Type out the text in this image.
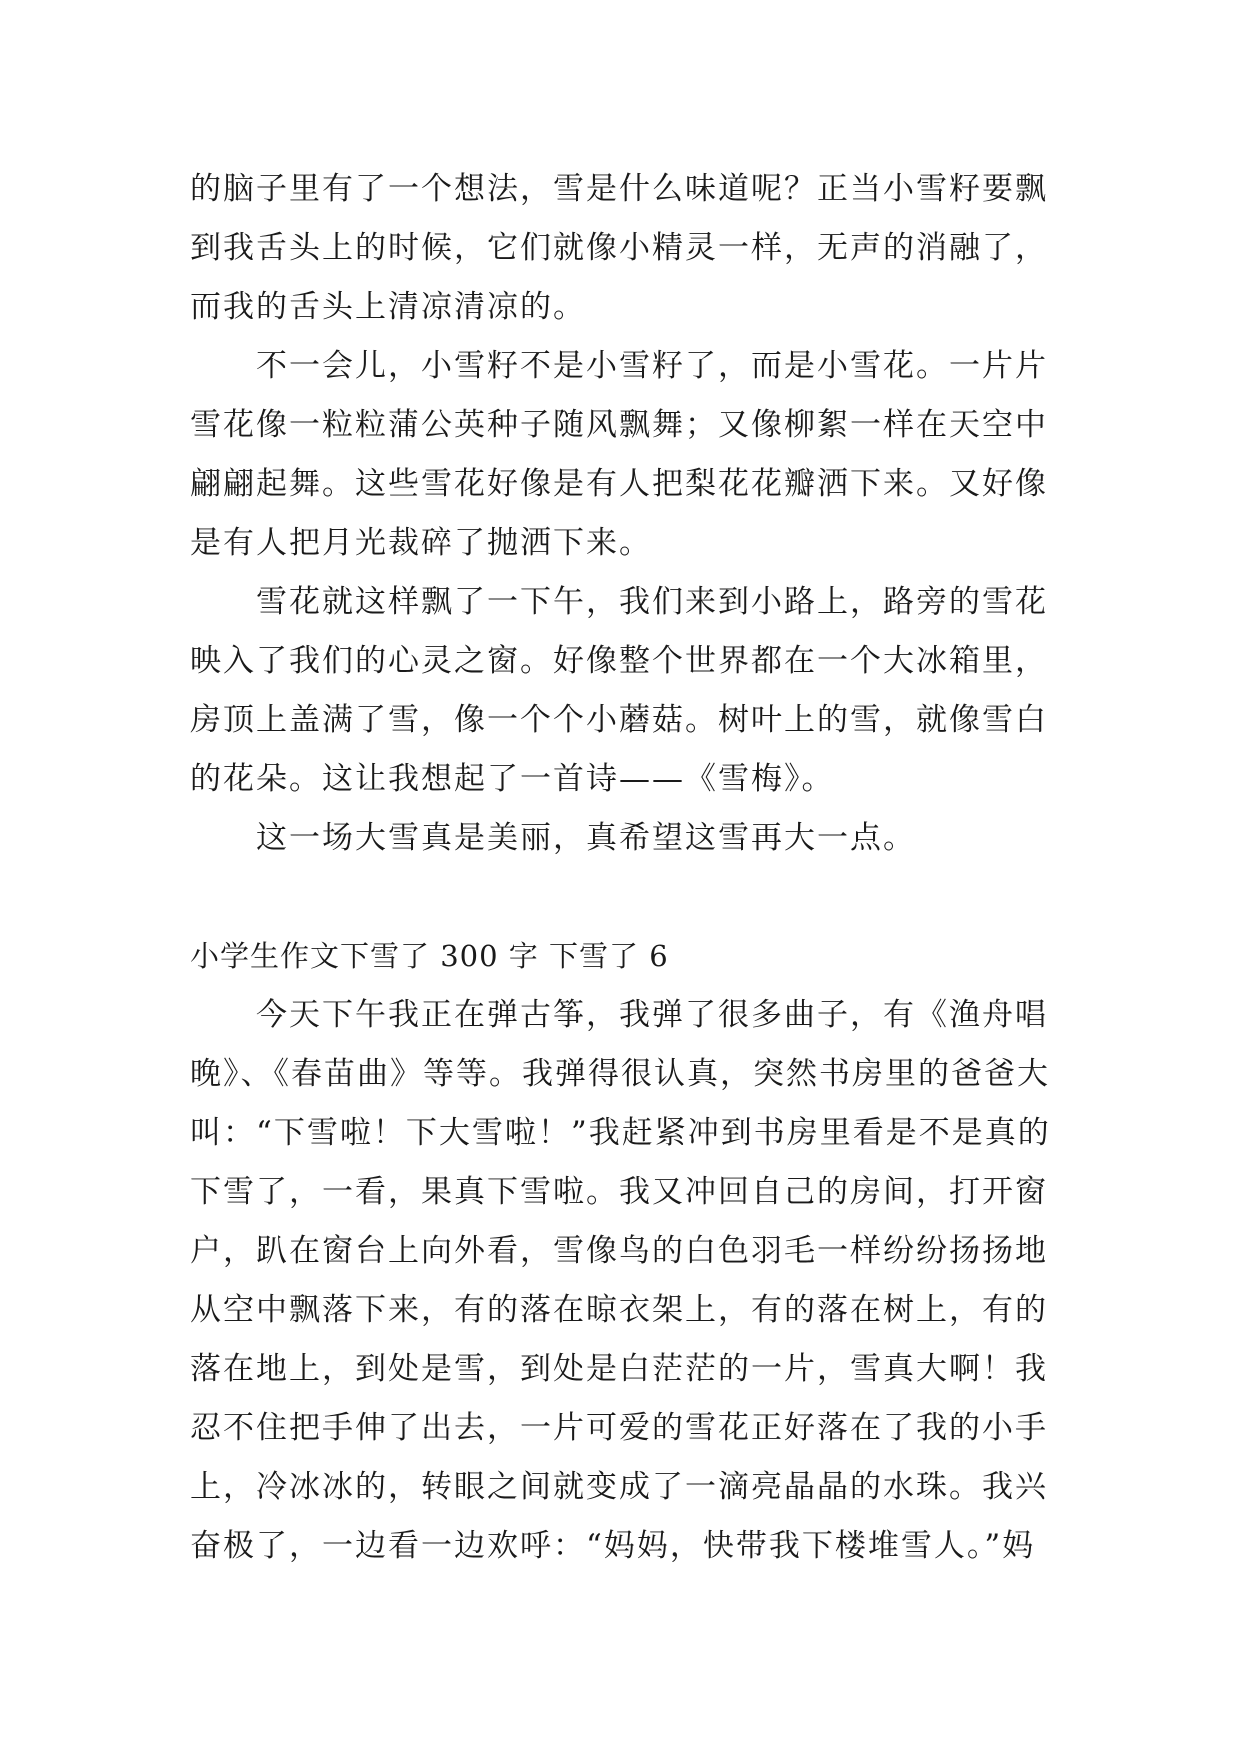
的脑子里有了一个想法，雪是什么味道呢？正当小雪籽要飘
到我舌头上的时候，它们就像小精灵一样，无声的消融了，
而我的舌头上清凉清凉的。
不一会儿，小雪籽不是小雪籽了，而是小雪花。一片片
雪花像一粒粒蒲公英种子随风飘舞；又像柳絮一样在天空中
翩翩起舞。这些雪花好像是有人把梨花花瓣洒下来。又好像
是有人把月光裁碎了抛洒下来。
雪花就这样飘了一下午，我们来到小路上，路旁的雪花
映入了我们的心灵之窗。好像整个世界都在一个大冰箱里，
房顶上盖满了雪，像一个个小蘑菇。树叶上的雪，就像雪白
的花朵。这让我想起了一首诗——《雪梅》。
这一场大雪真是美丽，真希望这雪再大一点。
小学生作文下雪了 300 字 下雪了 6
今天下午我正在弹古筝，我弹了很多曲子，有《渔舟唱
晚》、《春苗曲》等等。我弹得很认真，突然书房里的爸爸大
叫：“下雪啦！下大雪啦！”我赶紧冲到书房里看是不是真的
下雪了，一看，果真下雪啦。我又冲回自己的房间，打开窗
户，趴在窗台上向外看，雪像鸟的白色羽毛一样纷纷扬扬地
从空中飘落下来，有的落在晾衣架上，有的落在树上，有的
落在地上，到处是雪，到处是白茫茫的一片，雪真大啊！我
忍不住把手伸了出去，一片可爱的雪花正好落在了我的小手
上，冷冰冰的，转眼之间就变成了一滴亮晶晶的水珠。我兴
奋极了，一边看一边欢呼：“妈妈，快带我下楼堆雪人。”妈
